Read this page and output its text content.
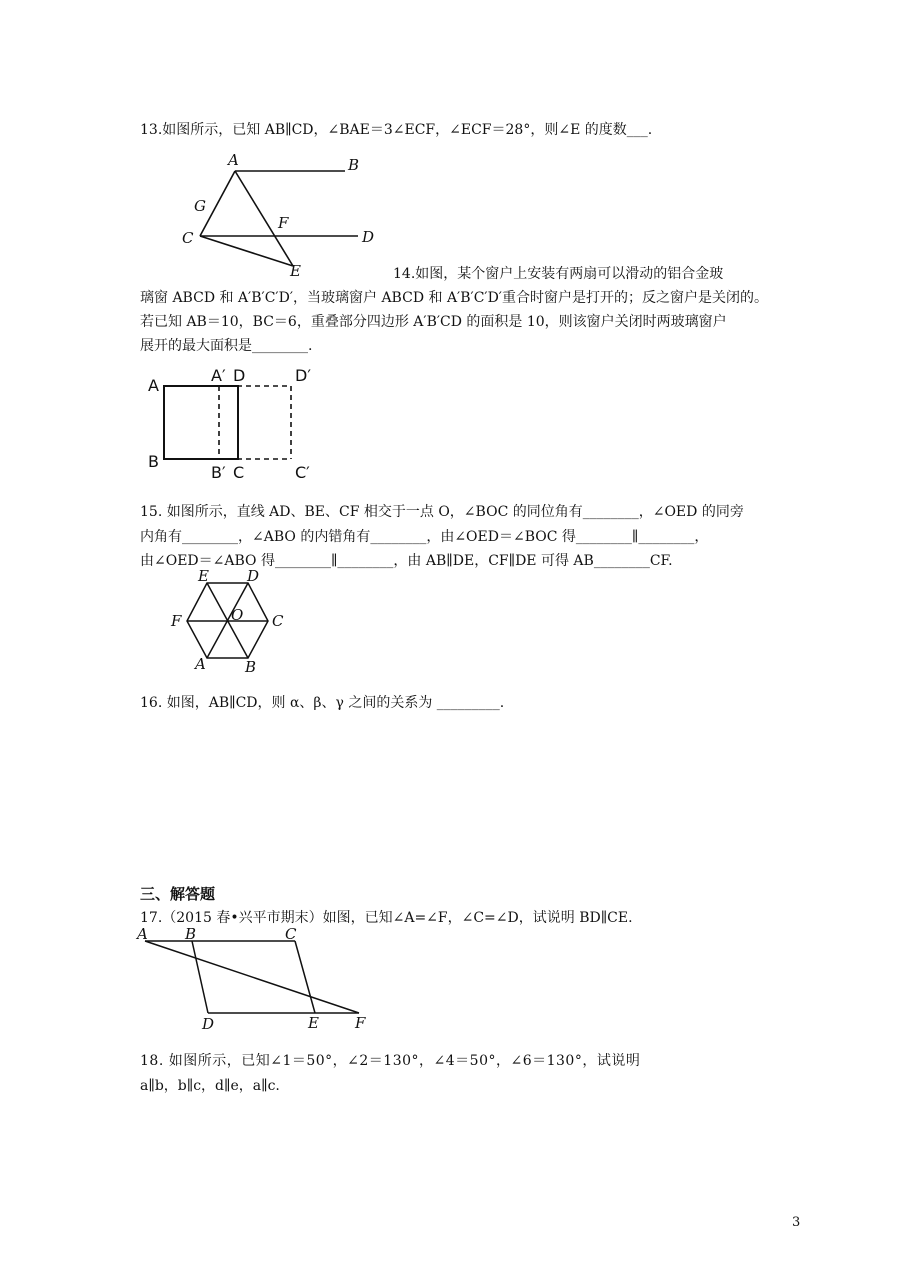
13.如图所示，已知 AB∥CD，∠BAE＝3∠ECF，∠ECF＝28°，则∠E 的度数___.
A	B
G
F
C	D
E	14.如图，某个窗户上安装有两扇可以滑动的铝合金玻
璃窗 ABCD 和 A′B′C′D′，当玻璃窗户 ABCD 和 A′B′C′D′重合时窗户是打开的；反之窗户是关闭的。
若已知 AB＝10，BC＝6，重叠部分四边形 A′B′CD 的面积是 10，则该窗户关闭时两玻璃窗户
展开的最大面积是________.
A
A′ D	D′
B
B′ C	C′
15. 如图所示，直线 AD、BE、CF 相交于一点 O，∠BOC 的同位角有________，∠OED 的同旁
内角有________，∠ABO 的内错角有________，由∠OED＝∠BOC 得________∥________，
由∠OED＝∠ABO 得________∥________，由 AB∥DE，CF∥DE 可得 AB________CF.
E	D
F	O C
A	B
16. 如图，AB∥CD，则 α、β、γ 之间的关系为 _________.
三、解答题
17.（2015 春•兴平市期末）如图，已知∠A=∠F，∠C=∠D，试说明 BD∥CE.
A B	C
D	E F
18. 如图所示，已知∠1＝50°，∠2＝130°，∠4＝50°，∠6＝130°，试说明
a∥b，b∥c，d∥e，a∥c.
3
